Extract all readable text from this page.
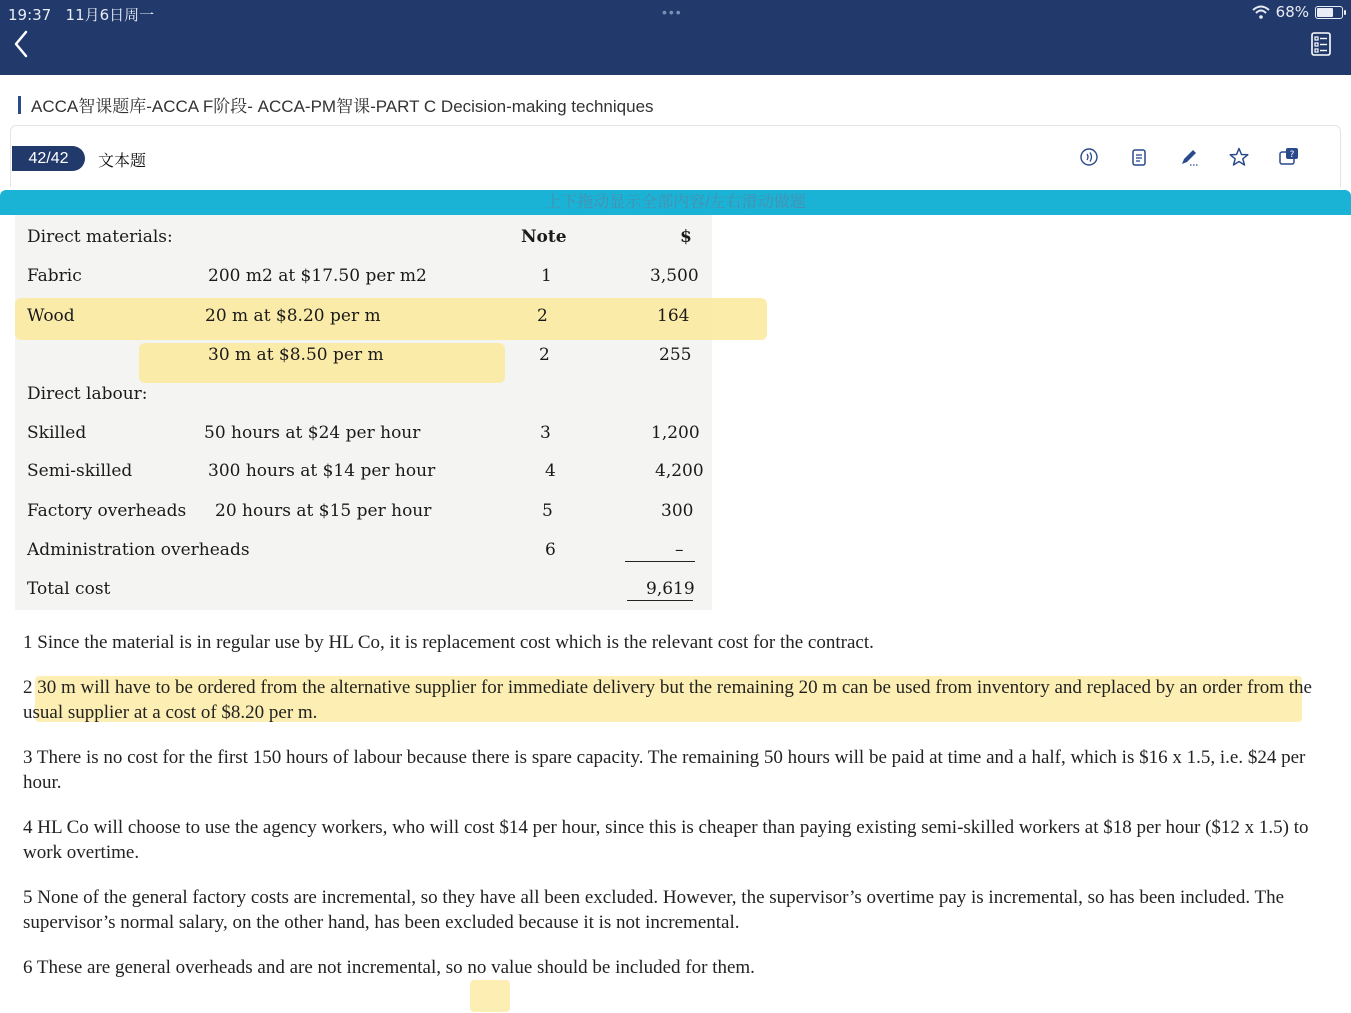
19:37 11月6日周一	•••	68%
ACCA智课题库-ACCA F阶段- ACCA-PM智课-PART C Decision-making techniques
42/42	文本题	?
上下拖动显示全部内容/左右滑动做题
Direct materials:	Note	$
Fabric	200 m2 at $17.50 per m2	1	3,500
Wood	20 m at $8.20 per m	2	164
30 m at $8.50 per m	2	255
Direct labour:
Skilled	50 hours at $24 per hour	3	1,200
Semi-skilled	300 hours at $14 per hour	4	4,200
Factory overheads 20 hours at $15 per hour	5	300
Administration overheads	6	–
Total cost	9,619

1 Since the material is in regular use by HL Co, it is replacement cost which is the relevant cost for the contract.

2 30 m will have to be ordered from the alternative supplier for immediate delivery but the remaining 20 m can be used from inventory and replaced by an order from the usual supplier at a cost of $8.20 per m.

3 There is no cost for the first 150 hours of labour because there is spare capacity. The remaining 50 hours will be paid at time and a half, which is $16 x 1.5, i.e. $24 per hour.

4 HL Co will choose to use the agency workers, who will cost $14 per hour, since this is cheaper than paying existing semi-skilled workers at $18 per hour ($12 x 1.5) to work overtime.

5 None of the general factory costs are incremental, so they have all been excluded. However, the supervisor’s overtime pay is incremental, so has been included. The supervisor’s normal salary, on the other hand, has been excluded because it is not incremental.

6 These are general overheads and are not incremental, so no value should be included for them.
